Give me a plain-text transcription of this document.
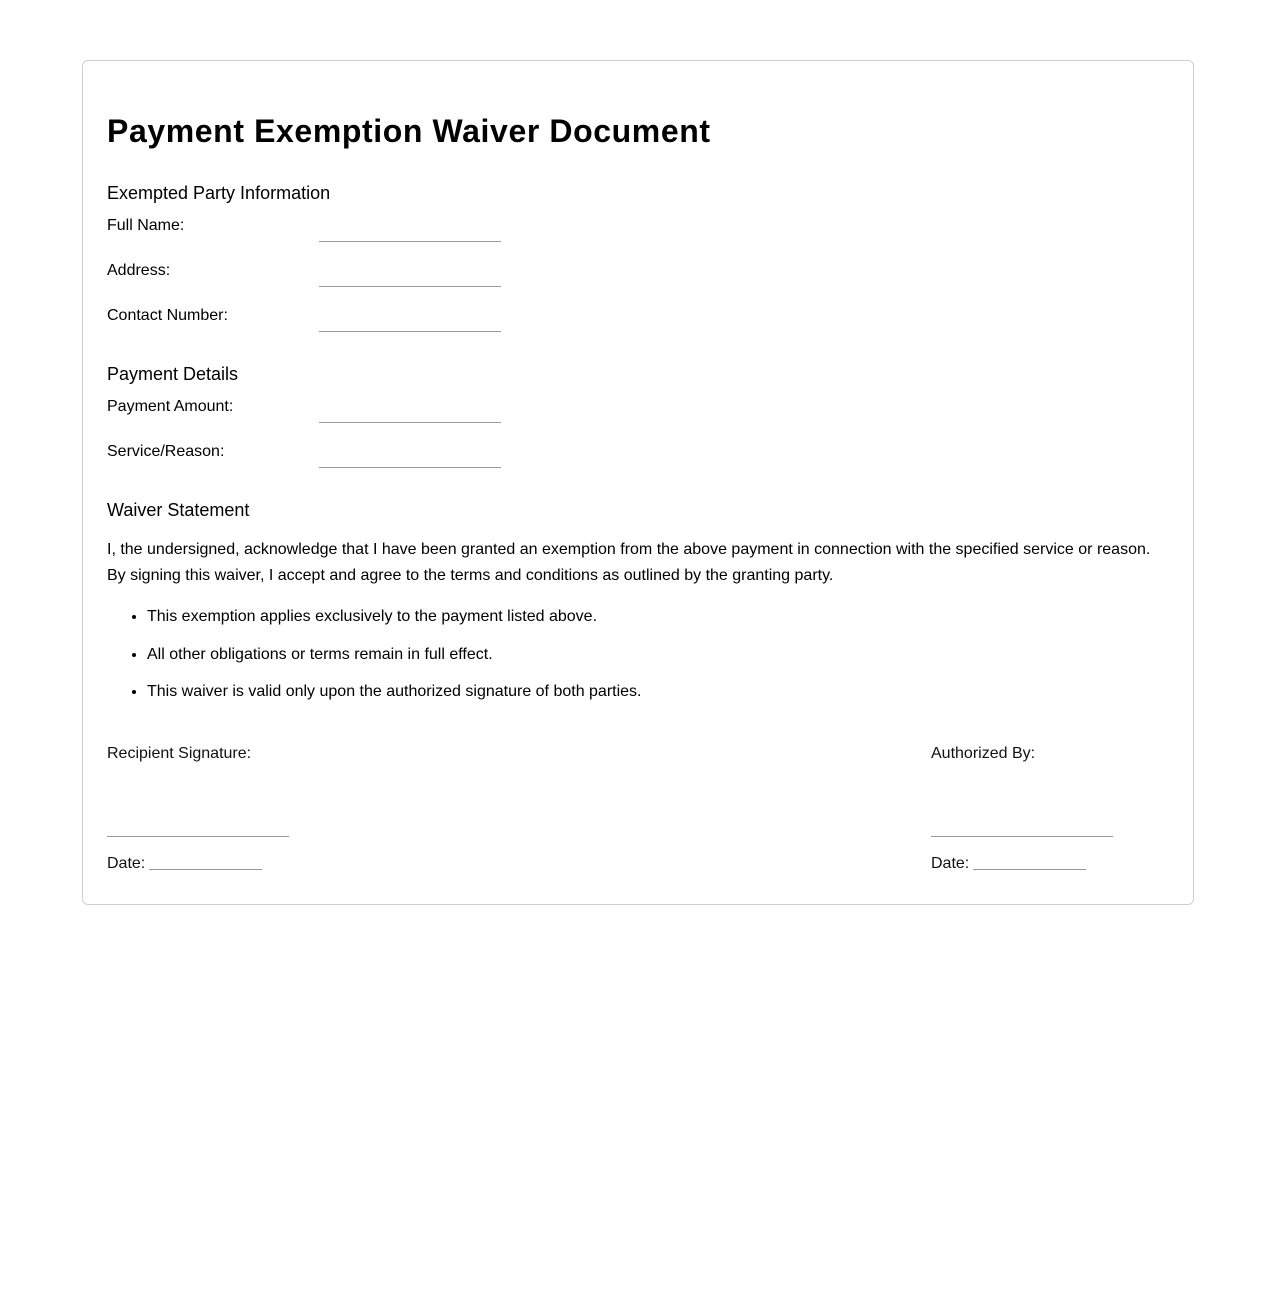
Payment Exemption Waiver Document
Exempted Party Information
Full Name:
Address:
Contact Number:
Payment Details
Payment Amount:
Service/Reason:
Waiver Statement

I, the undersigned, acknowledge that I have been granted an exemption from the above payment in connection with the specified service or reason. By signing this waiver, I accept and agree to the terms and conditions as outlined by the granting party.

• This exemption applies exclusively to the payment listed above.
• All other obligations or terms remain in full effect.
• This waiver is valid only upon the authorized signature of both parties.
Recipient Signature:
Date:
Authorized By:
Date:
